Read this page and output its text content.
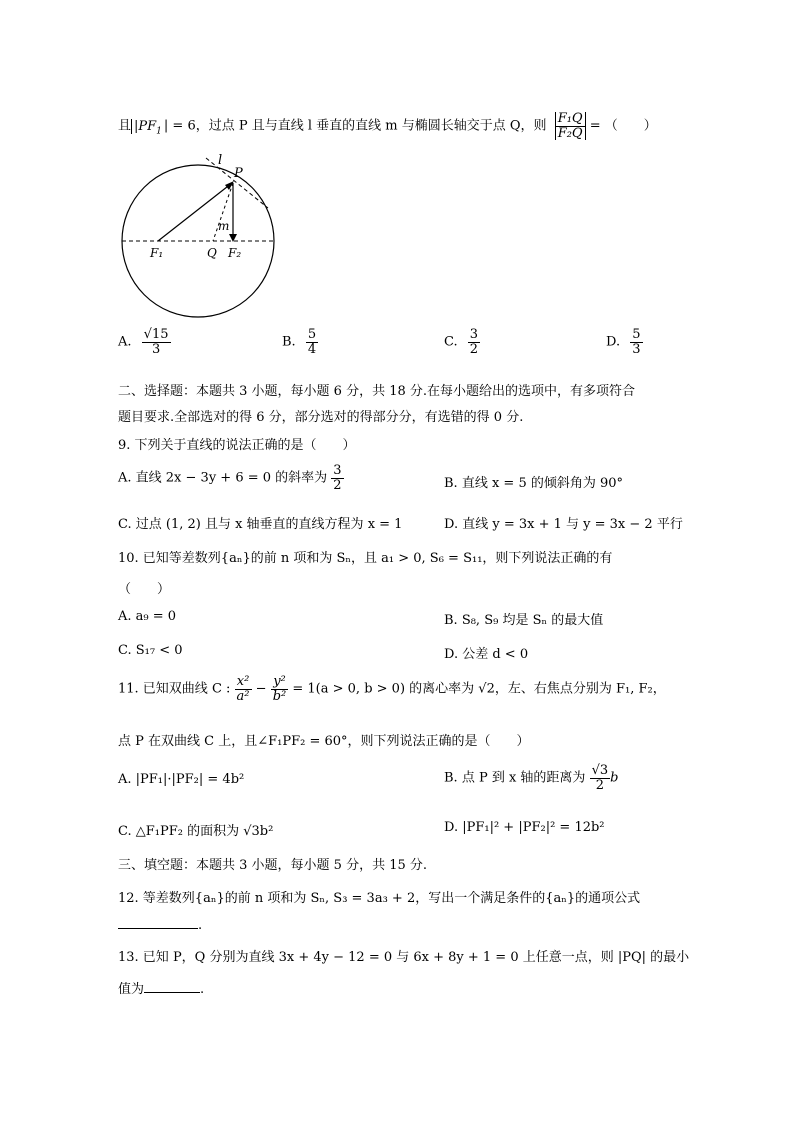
且 $|PF_1$ | = 6，过点 P 且与直线 l 垂直的直线 m 与椭圆长轴交于点 Q，则 $\frac{\text{F₁Q}}{\text{F₂Q}}$ = （　　）
l
P
m
F₁	Q F₂
A. $\frac{√15}{3}$	B. $\frac{5}{4}$	C. $\frac{3}{2}$	D. $\frac{5}{3}$
二、选择题：本题共 3 小题，每小题 6 分，共 18 分.在每小题给出的选项中，有多项符合
题目要求.全部选对的得 6 分，部分选对的得部分分，有选错的得 0 分.
9. 下列关于直线的说法正确的是（　　）
A. 直线 2x − 3y + 6 = 0 的斜率为 $\frac{3}{2}$	B. 直线 x = 5 的倾斜角为 90°
C. 过点 (1, 2) 且与 x 轴垂直的直线方程为 x = 1	D. 直线 y = 3x + 1 与 y = 3x − 2 平行
10. 已知等差数列{aₙ}的前 n 项和为 Sₙ，且 a₁ > 0, S₆ = S₁₁，则下列说法正确的有
（　　）
A. a₉ = 0	B. S₈, S₉ 均是 Sₙ 的最大值
C. S₁₇ < 0	D. 公差 d < 0
11. 已知双曲线 C : $\frac{\text{x²}}{\text{a²}} - \frac{\text{y²}}{\text{b²}} = 1(a > 0$, b > 0) 的离心率为 √2，左、右焦点分别为 F₁, F₂，
点 P 在双曲线 C 上，且∠F₁PF₂ = 60°，则下列说法正确的是（　　）
A. |PF₁|·|PF₂| = 4b²	B. 点 P 到 x 轴的距离为 $\frac{√3}{2}$ b
C. △F₁PF₂ 的面积为 √3b²	D. |PF₁|² + |PF₂|² = 12b²
三、填空题：本题共 3 小题，每小题 5 分，共 15 分.
12. 等差数列{aₙ}的前 n 项和为 Sₙ, S₃ = 3a₃ + 2，写出一个满足条件的{aₙ}的通项公式
.
13. 已知 P，Q 分别为直线 3x + 4y − 12 = 0 与 6x + 8y + 1 = 0 上任意一点，则 |PQ| 的最小
值为	.
